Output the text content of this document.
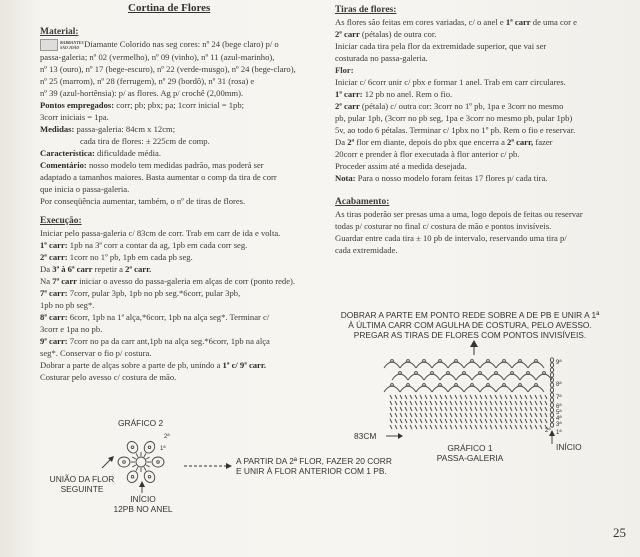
Cortina de Flores

Material:

BARBANTES SÃO JOÃO Diamante Colorido nas seg cores: nº 24 (bege claro) p/ o

passa-galeria; nº 02 (vermelho), nº 09 (vinho), nº 11 (azul-marinho),

nº 13 (ouro), nº 17 (bege-escuro), nº 22 (verde-musgo), nº 24 (bege-claro),

nº 25 (marrom), nº 28 (ferrugem), nº 29 (bordô), nº 31 (rosa) e

nº 39 (azul-hortênsia): p/ as flores. Ag p/ crochê (2,00mm).

Pontos empregados: corr; pb; pbx; pa; 1corr inicial = 1pb;

3corr iniciais = 1pa.

Medidas: passa-galeria: 84cm x 12cm;

cada tira de flores: ± 225cm de comp.

Característica: dificuldade média.

Comentário: nosso modelo tem medidas padrão, mas poderá ser

adaptado a tamanhos maiores. Basta aumentar o comp da tira de corr

que inicia o passa-galeria.

Por conseqüência aumentar, também, o nº de tiras de flores.

Execução:

Iniciar pelo passa-galeria c/ 83cm de corr. Trab em carr de ida e volta.

1ª carr: 1pb na 3ª corr a contar da ag, 1pb em cada corr seg.

2ª carr: 1corr no 1º pb, 1pb em cada pb seg.

Da 3ª à 6ª carr repetir a 2ª carr.

Na 7ª carr iniciar o avesso do passa-galeria em alças de corr (ponto rede).

7ª carr: 7corr, pular 3pb, 1pb no pb seg.*6corr, pular 3pb,

1pb no pb seg*.

8ª carr: 6corr, 1pb na 1ª alça,*6corr, 1pb na alça seg*. Terminar c/

3corr e 1pa no pb.

9ª carr: 7corr no pa da carr ant,1pb na alça seg.*6corr, 1pb na alça

seg*. Conservar o fio p/ costura.

Dobrar a parte de alças sobre a parte de pb, unindo a 1ª c/ 9ª carr.

Costurar pelo avesso c/ costura de mão.

Tiras de flores:

As flores são feitas em cores variadas, c/ o anel e 1ª carr de uma cor e

2ª carr (pétalas) de outra cor.

Iniciar cada tira pela flor da extremidade superior, que vai ser

costurada no passa-galeria.

Flor:

Iniciar c/ 6corr unir c/ pbx e formar 1 anel. Trab em carr circulares.

1ª carr: 12 pb no anel. Rem o fio.

2ª carr (pétala) c/ outra cor: 3corr no 1º pb, 1pa e 3corr no mesmo

pb, pular 1pb, (3corr no pb seg, 1pa e 3corr no mesmo pb, pular 1pb)

5v, ao todo 6 pétalas. Terminar c/ 1pbx no 1º pb. Rem o fio e reservar.

Da 2ª flor em diante, depois do pbx que encerra a 2ª carr, fazer

20corr e prender à flor executada à flor anterior c/ pb.

Proceder assim até a medida desejada.

Nota: Para o nosso modelo foram feitas 17 flores p/ cada tira.

Acabamento:

As tiras poderão ser presas uma a uma, logo depois de feitas ou reservar

todas p/ costurar no final c/ costura de mão e pontos invisíveis.

Guardar entre cada tira ± 10 pb de intervalo, reservando uma tira p/

cada extremidade.

DOBRAR A PARTE EM PONTO REDE SOBRE A DE PB E UNIR A 1ª
À ÚLTIMA CARR COM AGULHA DE COSTURA, PELO AVESSO.
PREGAR AS TIRAS DE FLORES COM PONTOS INVISÍVEIS.
GRÁFICO 1
PASSA-GALERIA
83CM
INÍCIO
9ª
8ª
7ª
6ª
5ª
4ª
3ª
2ª 1ª
GRÁFICO 2
1ª
2ª
UNIÃO DA FLOR
SEGUINTE
INÍCIO
12PB NO ANEL
A PARTIR DA 2ª FLOR, FAZER 20 CORR
E UNIR À FLOR ANTERIOR COM 1 PB.
25
